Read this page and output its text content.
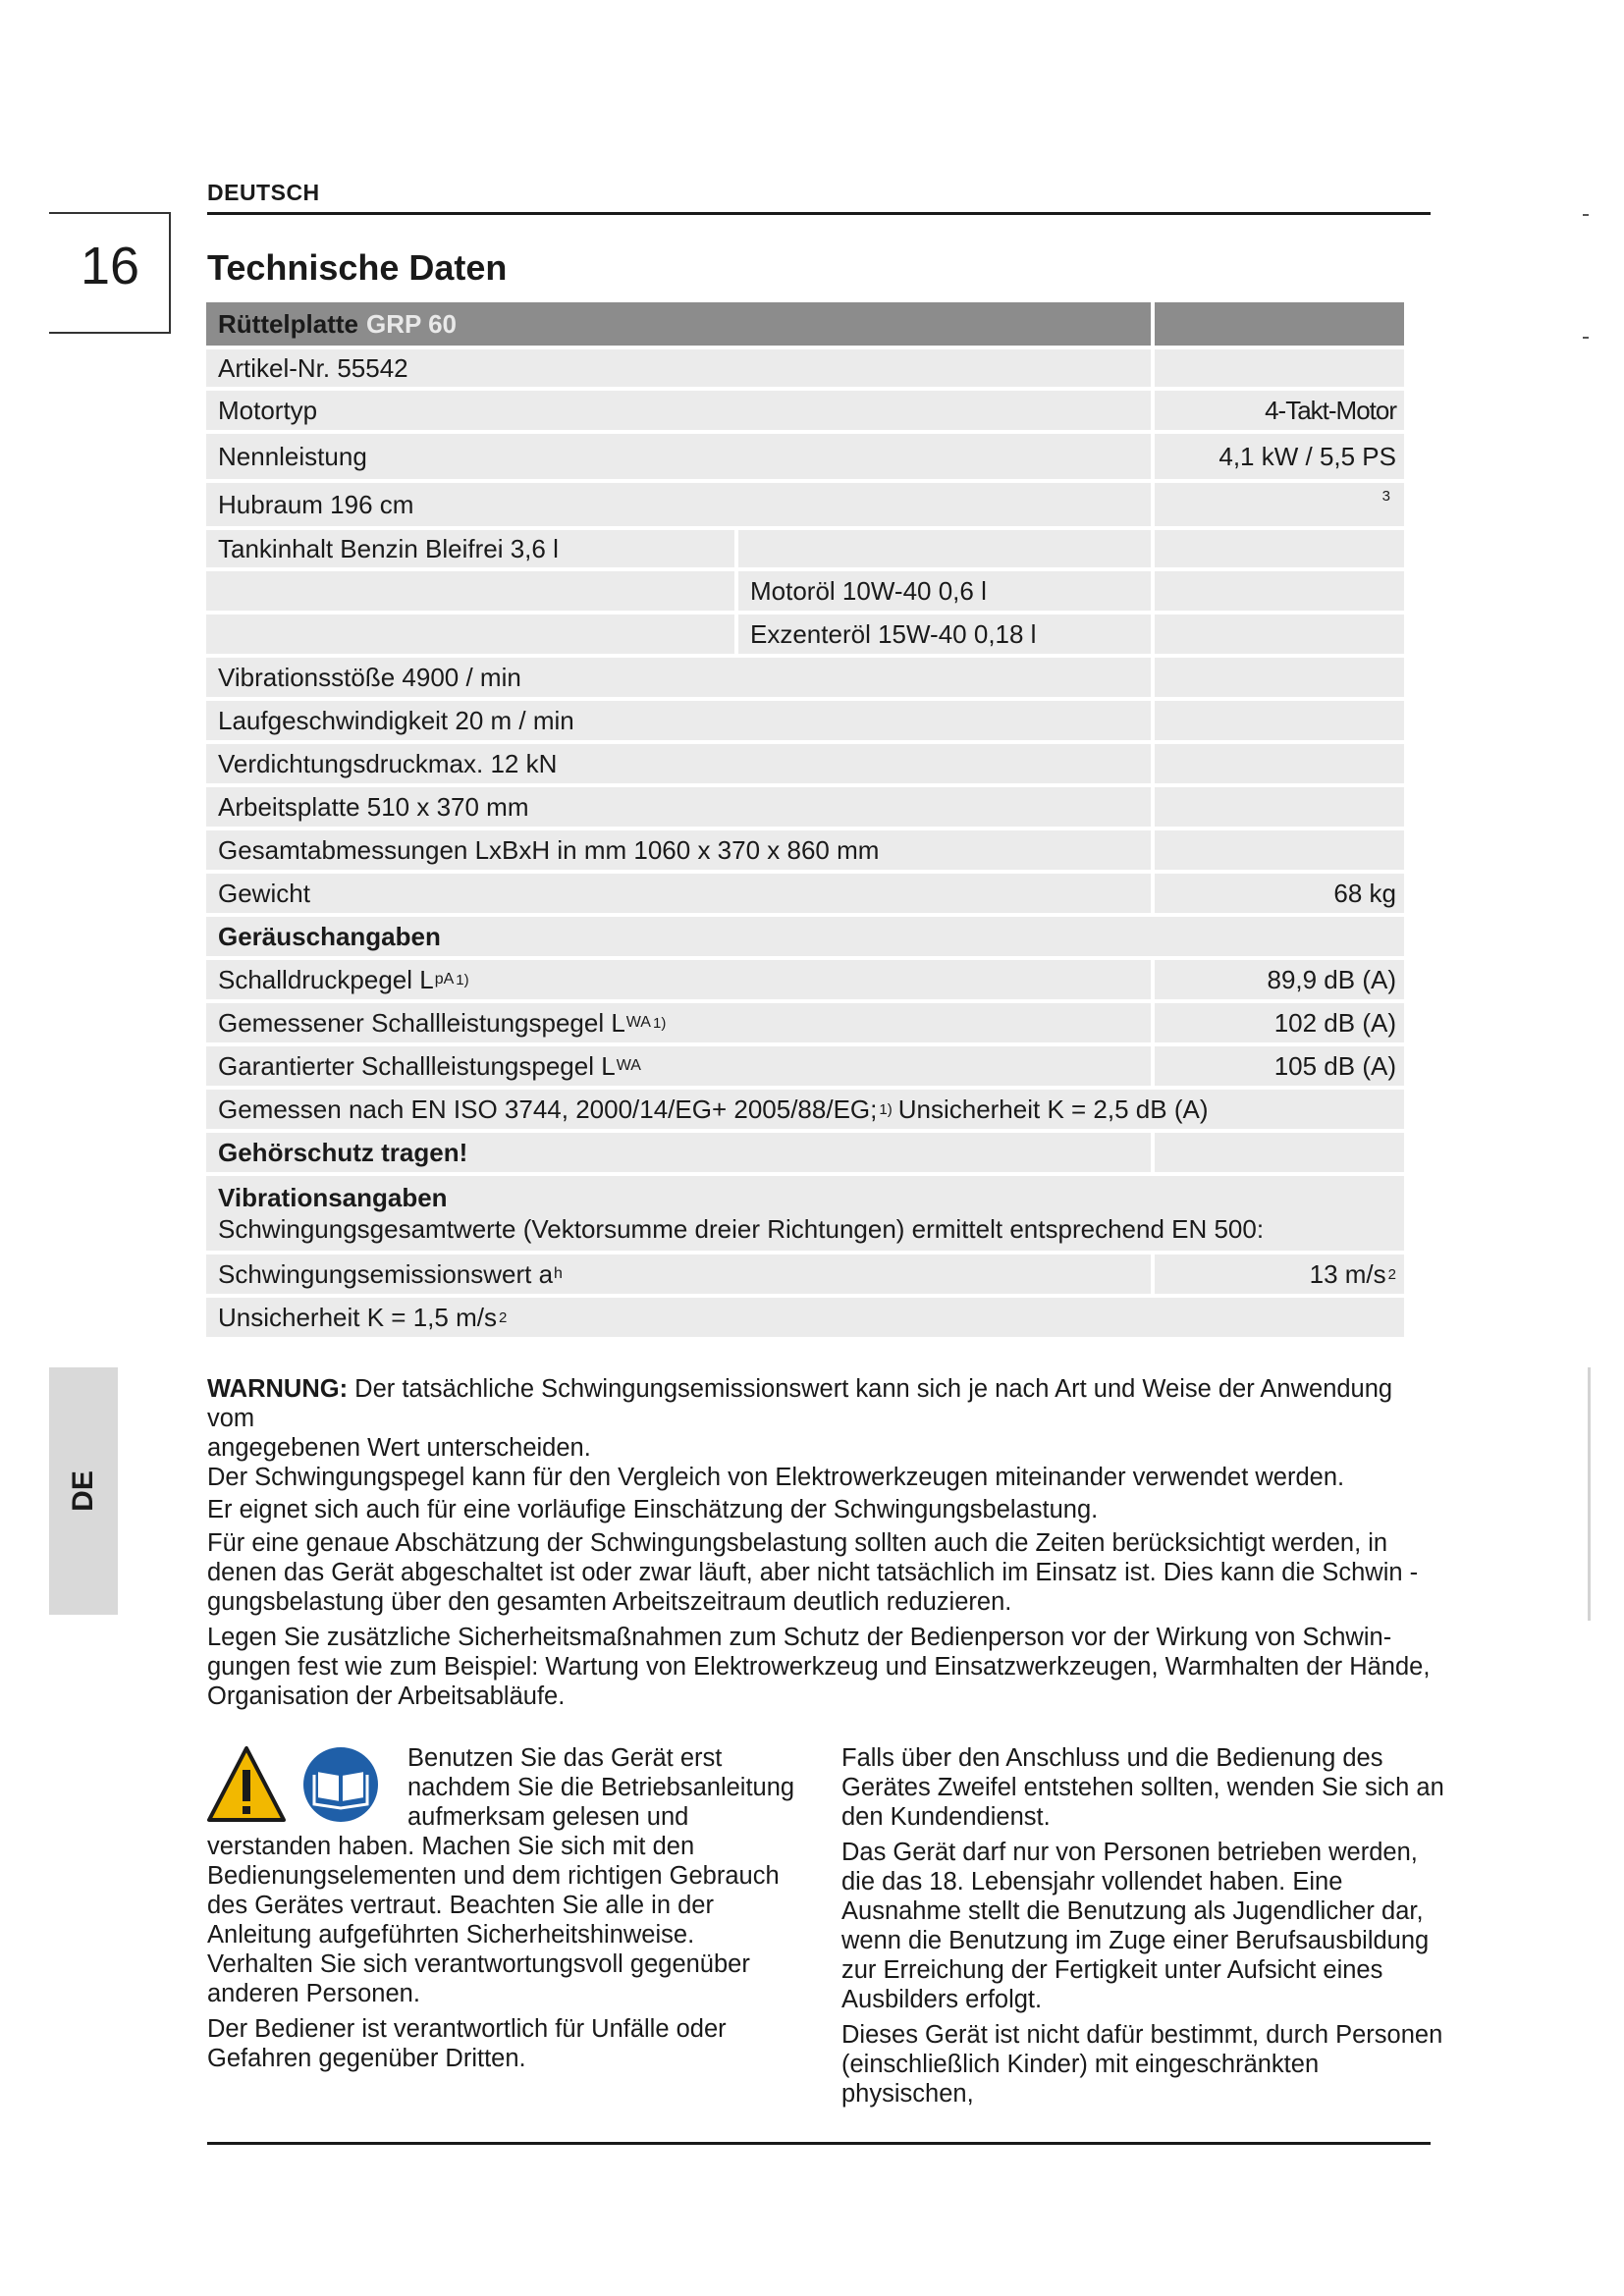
DEUTSCH
16	Technische Daten
Rüttelplatte GRP 60
Artikel-Nr. 55542
Motortyp	4-Takt-Motor
Nennleistung	4,1 kW / 5,5 PS
Hubraum 196 cm	3
Tankinhalt Benzin Bleifrei 3,6 l
Motoröl 10W-40 0,6 l
Exzenteröl 15W-40 0,18 l
Vibrationsstöße 4900 / min
Laufgeschwindigkeit 20 m / min
Verdichtungsdruckmax. 12 kN
Arbeitsplatte 510 x 370 mm
Gesamtabmessungen LxBxH in mm 1060 x 370 x 860 mm
Gewicht	68 kg
Geräuschangaben
Schalldruckpegel L pA 1)	89,9 dB (A)
Gemessener Schallleistungspegel L WA 1)	102 dB (A)
Garantierter Schallleistungspegel L WA	105 dB (A)
Gemessen nach EN ISO 3744, 2000/14/EG+ 2005/88/EG; 1) Unsicherheit K = 2,5 dB (A)
Gehörschutz tragen!
Vibrationsangaben
Schwingungsgesamtwerte (Vektorsumme dreier Richtungen) ermittelt entsprechend EN 500:
Schwingungsemissionswert a h	13 m/s 2
Unsicherheit K = 1,5 m/s 2
DE
WARNUNG: Der tatsächliche Schwingungsemissionswert kann sich je nach Art und Weise der Anwendung vom
angegebenen Wert unterscheiden.
Der Schwingungspegel kann für den Vergleich von Elektrowerkzeugen miteinander verwendet werden.
Er eignet sich auch für eine vorläufige Einschätzung der Schwingungsbelastung.
Für eine genaue Abschätzung der Schwingungsbelastung sollten auch die Zeiten berücksichtigt werden, in
denen das Gerät abgeschaltet ist oder zwar läuft, aber nicht tatsächlich im Einsatz ist. Dies kann die Schwin -
gungsbelastung über den gesamten Arbeitszeitraum deutlich reduzieren.
Legen Sie zusätzliche Sicherheitsmaßnahmen zum Schutz der Bedienperson vor der Wirkung von Schwin-
gungen fest wie zum Beispiel: Wartung von Elektrowerkzeug und Einsatzwerkzeugen, Warmhalten der Hände,
Organisation der Arbeitsabläufe.
Benutzen Sie das Gerät erst
nachdem Sie die Betriebsanleitung
aufmerksam gelesen und
verstanden haben. Machen Sie sich mit den
Bedienungselementen und dem richtigen Gebrauch
des Gerätes vertraut. Beachten Sie alle in der
Anleitung aufgeführten Sicherheitshinweise.
Verhalten Sie sich verantwortungsvoll gegenüber
anderen Personen.
Der Bediener ist verantwortlich für Unfälle oder
Gefahren gegenüber Dritten.
Falls über den Anschluss und die Bedienung des
Gerätes Zweifel entstehen sollten, wenden Sie sich an
den Kundendienst.
Das Gerät darf nur von Personen betrieben werden,
die das 18. Lebensjahr vollendet haben. Eine
Ausnahme stellt die Benutzung als Jugendlicher dar,
wenn die Benutzung im Zuge einer Berufsausbildung
zur Erreichung der Fertigkeit unter Aufsicht eines
Ausbilders erfolgt.
Dieses Gerät ist nicht dafür bestimmt, durch Personen
(einschließlich Kinder) mit eingeschränkten physischen,
